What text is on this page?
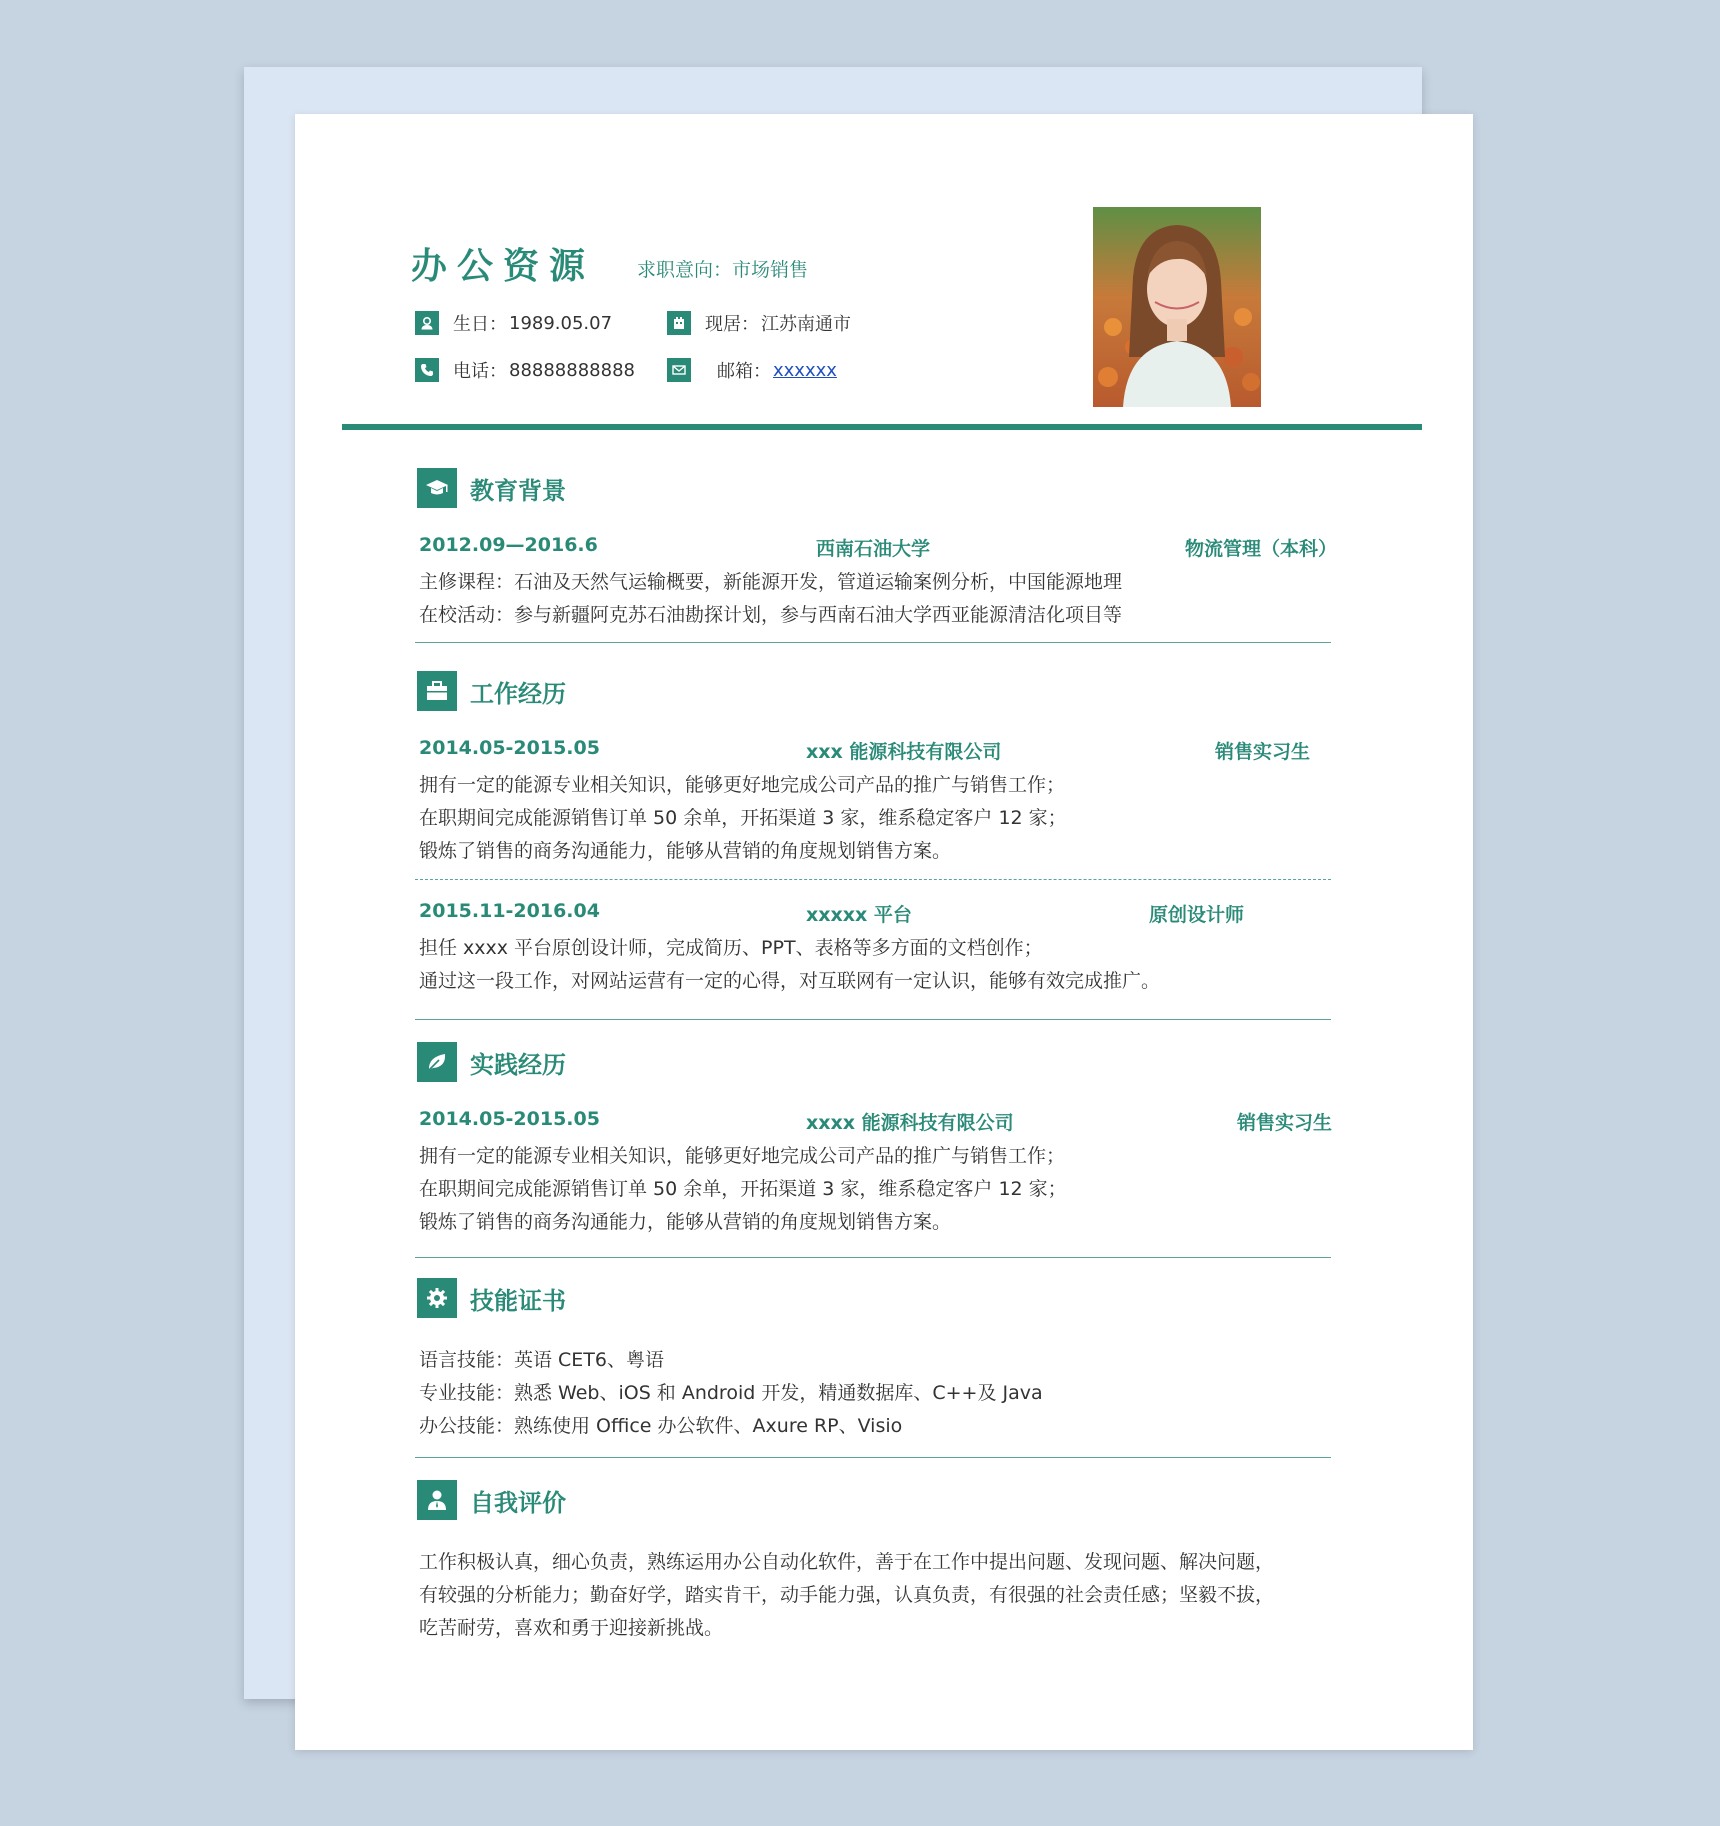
办公资源 求职意向：市场销售
生日： 1989.05.07	现居： 江苏南通市
电话： 88888888888	邮箱： xxxxxx
教育背景
2012.09—2016.6	西南石油大学	物流管理（本科）
主修课程：石油及天然气运输概要，新能源开发，管道运输案例分析，中国能源地理
在校活动：参与新疆阿克苏石油勘探计划，参与西南石油大学西亚能源清洁化项目等
工作经历
2014.05-2015.05	xxx 能源科技有限公司	销售实习生
拥有一定的能源专业相关知识，能够更好地完成公司产品的推广与销售工作；
在职期间完成能源销售订单 50 余单，开拓渠道 3 家，维系稳定客户 12 家；
锻炼了销售的商务沟通能力，能够从营销的角度规划销售方案。
2015.11-2016.04	xxxxx 平台	原创设计师
担任 xxxx 平台原创设计师，完成简历、PPT、表格等多方面的文档创作；
通过这一段工作，对网站运营有一定的心得，对互联网有一定认识，能够有效完成推广。
实践经历
2014.05-2015.05	xxxx 能源科技有限公司	销售实习生
拥有一定的能源专业相关知识，能够更好地完成公司产品的推广与销售工作；
在职期间完成能源销售订单 50 余单，开拓渠道 3 家，维系稳定客户 12 家；
锻炼了销售的商务沟通能力，能够从营销的角度规划销售方案。
技能证书
语言技能：英语 CET6、粤语
专业技能：熟悉 Web、iOS 和 Android 开发，精通数据库、C++及 Java
办公技能：熟练使用 Office 办公软件、Axure RP、Visio
自我评价
工作积极认真，细心负责，熟练运用办公自动化软件，善于在工作中提出问题、发现问题、解决问题，
有较强的分析能力；勤奋好学，踏实肯干，动手能力强，认真负责，有很强的社会责任感；坚毅不拔，
吃苦耐劳，喜欢和勇于迎接新挑战。
